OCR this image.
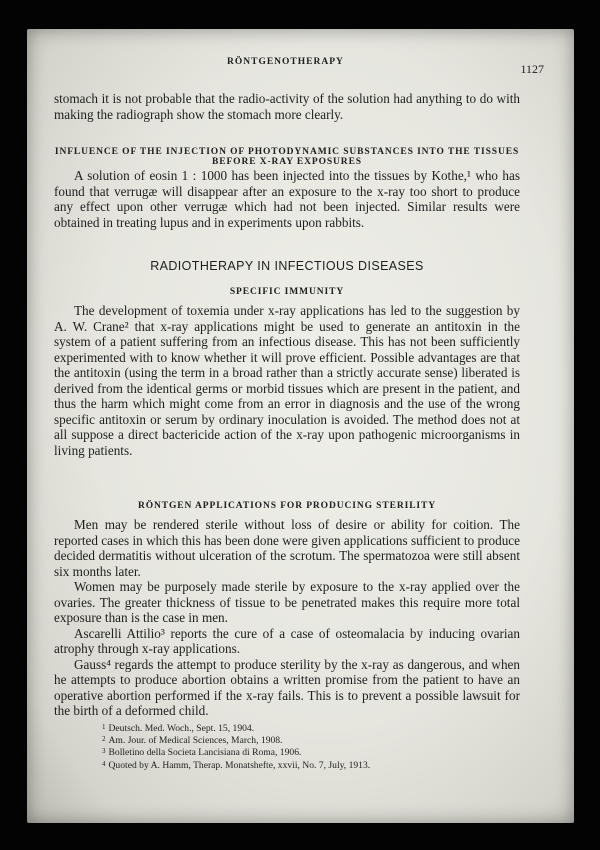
RÖNTGENOTHERAPY	1127

stomach it is not probable that the radio-activity of the solution had anything to do with making the radiograph show the stomach more clearly.

INFLUENCE OF THE INJECTION OF PHOTODYNAMIC SUBSTANCES INTO THE TISSUES BEFORE X-RAY EXPOSURES

A solution of eosin 1 : 1000 has been injected into the tissues by Kothe,¹ who has found that verrugæ will disappear after an exposure to the x-ray too short to produce any effect upon other verrugæ which had not been injected. Similar results were obtained in treating lupus and in experiments upon rabbits.

RADIOTHERAPY IN INFECTIOUS DISEASES
SPECIFIC IMMUNITY

The development of toxemia under x-ray applications has led to the suggestion by A. W. Crane² that x-ray applications might be used to generate an antitoxin in the system of a patient suffering from an infectious disease. This has not been sufficiently experimented with to know whether it will prove efficient. Possible advantages are that the antitoxin (using the term in a broad rather than a strictly accurate sense) liberated is derived from the identical germs or morbid tissues which are present in the patient, and thus the harm which might come from an error in diagnosis and the use of the wrong specific antitoxin or serum by ordinary inoculation is avoided. The method does not at all suppose a direct bactericide action of the x-ray upon pathogenic microorganisms in living patients.

RÖNTGEN APPLICATIONS FOR PRODUCING STERILITY

Men may be rendered sterile without loss of desire or ability for coition. The reported cases in which this has been done were given applications sufficient to produce decided dermatitis without ulceration of the scrotum. The spermatozoa were still absent six months later.

Women may be purposely made sterile by exposure to the x-ray applied over the ovaries. The greater thickness of tissue to be penetrated makes this require more total exposure than is the case in men.

Ascarelli Attilio³ reports the cure of a case of osteomalacia by inducing ovarian atrophy through x-ray applications.

Gauss⁴ regards the attempt to produce sterility by the x-ray as dangerous, and when he attempts to produce abortion obtains a written promise from the patient to have an operative abortion performed if the x-ray fails. This is to prevent a possible lawsuit for the birth of a deformed child.

$^1$ Deutsch. Med. Woch., Sept. 15, 1904.
$^2$ Am. Jour. of Medical Sciences, March, 1908.
$^3$ Bolletino della Societa Lancisiana di Roma, 1906.
$^4$ Quoted by A. Hamm, Therap. Monatshefte, xxvii, No. 7, July, 1913.
